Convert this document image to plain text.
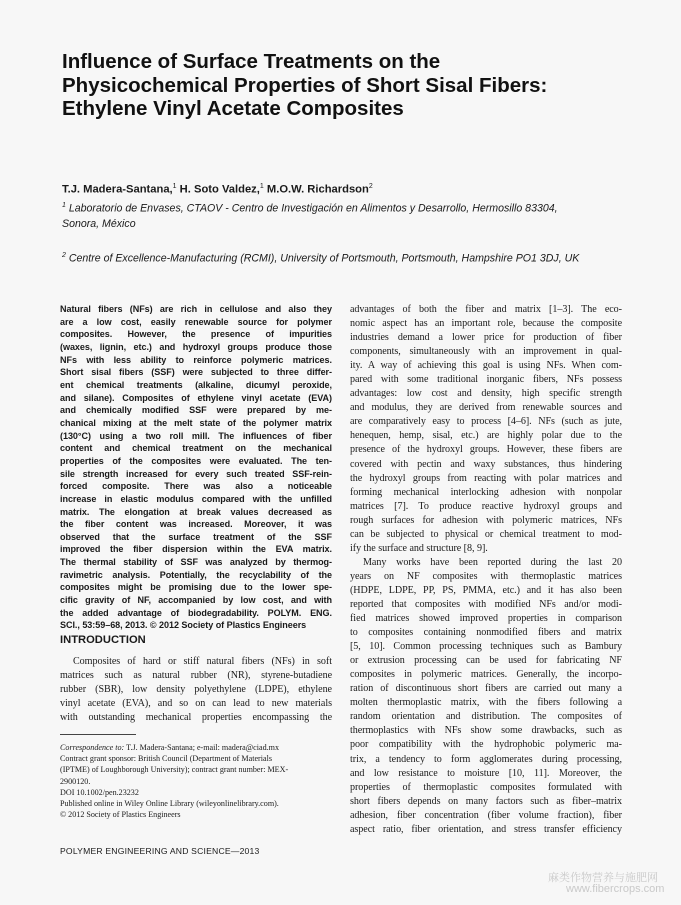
Influence of Surface Treatments on the
Physicochemical Properties of Short Sisal Fibers:
Ethylene Vinyl Acetate Composites
T.J. Madera-Santana,$^1$ H. Soto Valdez,$^1$ M.O.W. Richardson$^2$
$^1$ Laboratorio de Envases, CTAOV - Centro de Investigación en Alimentos y Desarrollo, Hermosillo 83304,
Sonora, México
$^2$ Centre of Excellence-Manufacturing (RCMI), University of Portsmouth, Portsmouth, Hampshire PO1 3DJ, UK
Natural fibers (NFs) are rich in cellulose and also they
are a low cost, easily renewable source for polymer
composites. However, the presence of impurities
(waxes, lignin, etc.) and hydroxyl groups produce those
NFs with less ability to reinforce polymeric matrices.
Short sisal fibers (SSF) were subjected to three differ-
ent chemical treatments (alkaline, dicumyl peroxide,
and silane). Composites of ethylene vinyl acetate (EVA)
and chemically modified SSF were prepared by me-
chanical mixing at the melt state of the polymer matrix
(130°C) using a two roll mill. The influences of fiber
content and chemical treatment on the mechanical
properties of the composites were evaluated. The ten-
sile strength increased for every such treated SSF-rein-
forced composite. There was also a noticeable
increase in elastic modulus compared with the unfilled
matrix. The elongation at break values decreased as
the fiber content was increased. Moreover, it was
observed that the surface treatment of the SSF
improved the fiber dispersion within the EVA matrix.
The thermal stability of SSF was analyzed by thermog-
ravimetric analysis. Potentially, the recyclability of the
composites might be promising due to the lower spe-
cific gravity of NF, accompanied by low cost, and with
the added advantage of biodegradability. POLYM. ENG.
SCI., 53:59–68, 2013. © 2012 Society of Plastics Engineers
INTRODUCTION
Composites of hard or stiff natural fibers (NFs) in soft
matrices such as natural rubber (NR), styrene-butadiene
rubber (SBR), low density polyethylene (LDPE), ethylene
vinyl acetate (EVA), and so on can lead to new materials
with outstanding mechanical properties encompassing the
Correspondence to: T.J. Madera-Santana; e-mail: madera@ciad.mx
Contract grant sponsor: British Council (Department of Materials
(IPTME) of Loughborough University); contract grant number: MEX-
2900120.
DOI 10.1002/pen.23232
Published online in Wiley Online Library (wileyonlinelibrary.com).
© 2012 Society of Plastics Engineers
advantages of both the fiber and matrix [1–3]. The eco-
nomic aspect has an important role, because the composite
industries demand a lower price for production of fiber
components, simultaneously with an improvement in qual-
ity. A way of achieving this goal is using NFs. When com-
pared with some traditional inorganic fibers, NFs possess
advantages: low cost and density, high specific strength
and modulus, they are derived from renewable sources and
are comparatively easy to process [4–6]. NFs (such as jute,
henequen, hemp, sisal, etc.) are highly polar due to the
presence of the hydroxyl groups. However, these fibers are
covered with pectin and waxy substances, thus hindering
the hydroxyl groups from reacting with polar matrices and
forming mechanical interlocking adhesion with nonpolar
matrices [7]. To produce reactive hydroxyl groups and
rough surfaces for adhesion with polymeric matrices, NFs
can be subjected to physical or chemical treatment to mod-
ify the surface and structure [8, 9].
Many works have been reported during the last 20
years on NF composites with thermoplastic matrices
(HDPE, LDPE, PP, PS, PMMA, etc.) and it has also been
reported that composites with modified NFs and/or modi-
fied matrices showed improved properties in comparison
to composites containing nonmodified fibers and matrix
[5, 10]. Common processing techniques such as Bambury
or extrusion processing can be used for fabricating NF
composites in polymeric matrices. Generally, the incorpo-
ration of discontinuous short fibers are carried out many a
molten thermoplastic matrix, with the fibers following a
random orientation and distribution. The composites of
thermoplastics with NFs show some drawbacks, such as
poor compatibility with the hydrophobic polymeric ma-
trix, a tendency to form agglomerates during processing,
and low resistance to moisture [10, 11]. Moreover, the
properties of thermoplastic composites formulated with
short fibers depends on many factors such as fiber–matrix
adhesion, fiber concentration (fiber volume fraction), fiber
aspect ratio, fiber orientation, and stress transfer efficiency
POLYMER ENGINEERING AND SCIENCE—2013
麻类作物营养与施肥网
www.fibercrops.com
